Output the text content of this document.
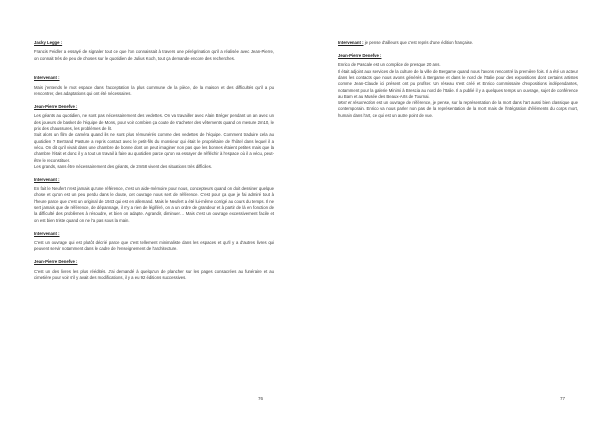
Jacky Legge :

Francis Feidler a essayé de signaler tout ce que l'on connaissait à travers une pérégrination qu'il a réalisée avec Jean-Pierre, on connait très de peu de choses sur le quotidien de Julius Koch, tout ça demande encore des recherches.

Intervenant :

Mais j'entends le mot espace dans l'acceptation la plus commune de la pièce, de la maison et des difficultés qu'il a pu rencontrer, des adaptations qui ont été nécessaires.

Jean-Pierre Denefve :

Les géants au quotidien, ne sont pas nécessairement des vedettes. On va travailler avec Alain Bréger pendant un an avec un des joueurs de basket de l'équipe de Mons, pour voir combien ça coute de s'acheter des vêtements quand on mesure 2m10, le prix des chaussures, les problèmes de lit.

Suit alors un film de caméra quand ils ne sont plus rémunérés comme des vedettes de l'équipe. Comment traduire cela au quotidien ? Bertrand Pasture a repris contact avec le petit-fils du monsieur qui était le propriétaire de l'hôtel dans lequel il a vécu. On dit qu'il vivait dans une chambre de bonne dont on peut imaginer non pas que les bonnes étaient petites mais que la chambre l'était et donc il y a tout un travail à faire au quotidien parce qu'on va essayer de réfléchir à l'espace où il a vécu, peut-être le reconstituer.

Les grands, sans être nécessairement des géants, de 2m58 vivent des situations très difficiles.

Intervenant :

En fait le Neufert n'est jamais qu'une référence, c'est un aide-mémoire pour nous, concepteurs quand on doit dessiner quelque chose et qu'on est un peu perdu dans le doute, cet ouvrage nous sert de référence. C'est pour ça que je fai admiré tout à l'heure parce que c'est un original de 1943 qui est en allemand. Mais le Neufert a été lui-même corrigé au cours du temps. Il ne sert jamais que de référence, de dépannage, il n'y a rien de légiféré, on a un ordre de grandeur et à partir de là en fonction de la difficulté des problèmes à résoudre, et bien on adapte. Agrandir, diminuer… Mais c'est un ouvrage excessivement facile et on est bien triste quand on ne l'a pas sous la main.

Intervenant :

C'est un ouvrage qui est plutôt décrié parce que c'est tellement minimaliste dans les espaces et qu'il y a d'autres livres qui peuvent servir notamment dans le cadre de l'enseignement de l'architecture.

Jean-Pierre Denefve :

C'est un des livres les plus réédités. J'ai demandé à quelqu'un de plancher sur les pages consacrées au funéraire et au cimetière pour voir s'il y avait des modifications, il y a eu 92 éditions successives.

76	77

Intervenant : je pense d'ailleurs que c'est repris d'une édition française.

Jean-Pierre Denefve :

Enrico de Pascale est un complice de presque 20 ans.

Il était adjoint aux services de la culture de la ville de Bergame quand nous l'avons rencontré la première fois. Il a été un acteur dans les contacts que nous avons générés à Bergame et dans le nord de l'Italie pour des expositions dont certains artistes comme Jean-Claude ici présent ont pu profiter. Un réseau s'est créé et Enrico commissaire d'expositions indépendantes, notamment pour la galerie Minimi à Brescia au nord de l'Italie. Il a publié il y a quelques temps un ouvrage, sujet de conférence au Bam et au Musée des Beaux-Arts de Tournai.

Mort et résurrection est un ouvrage de référence, je pense, sur la représentation de la mort dans l'art aussi bien classique que contemporain. Enrico va nous parler non pas de la représentation de la mort mais de l'intégration d'éléments du corps mort, humain dans l'art, ce qui est un autre point de vue.
